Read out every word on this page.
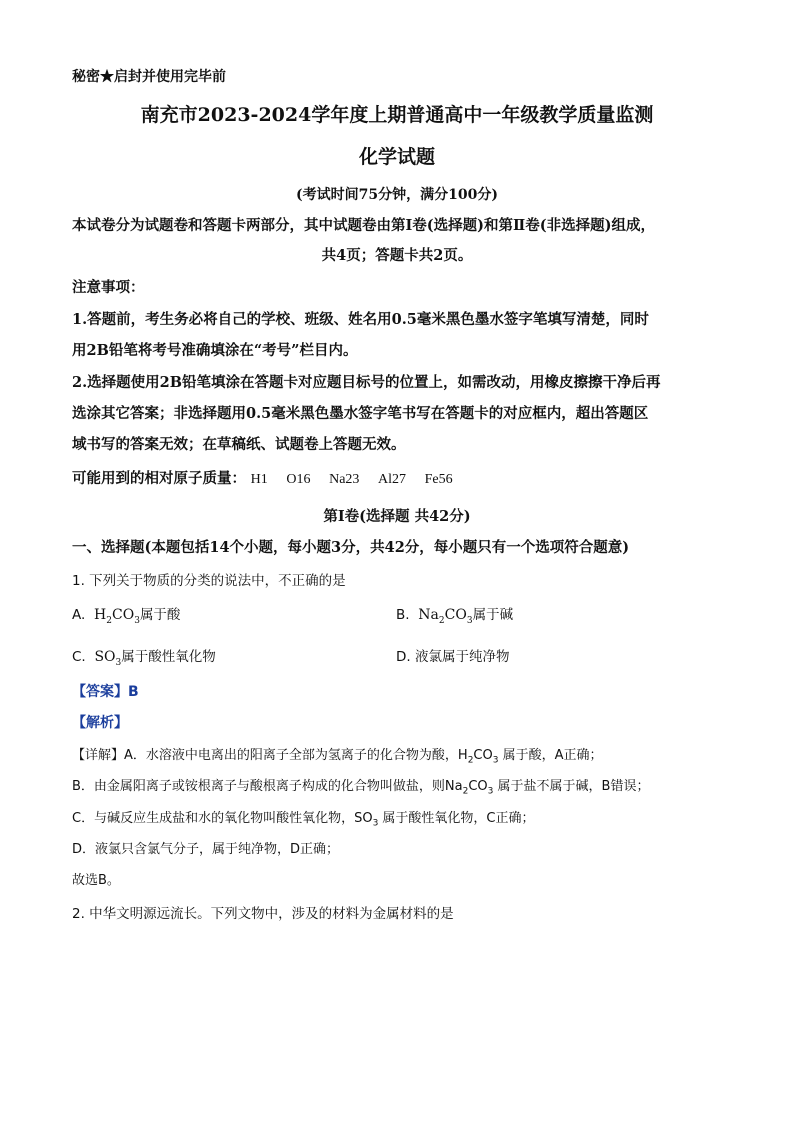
秘密★启封并使用完毕前
南充市2023-2024学年度上期普通高中一年级教学质量监测
化学试题
(考试时间75分钟，满分100分)
本试卷分为试题卷和答题卡两部分，其中试题卷由第Ⅰ卷(选择题)和第Ⅱ卷(非选择题)组成，
共4页；答题卡共2页。
注意事项：
1.答题前，考生务必将自己的学校、班级、姓名用0.5毫米黑色墨水签字笔填写清楚，同时
用2B铅笔将考号准确填涂在“考号”栏目内。
2.选择题使用2B铅笔填涂在答题卡对应题目标号的位置上，如需改动，用橡皮擦擦干净后再
选涂其它答案；非选择题用0.5毫米黑色墨水签字笔书写在答题卡的对应框内，超出答题区
域书写的答案无效；在草稿纸、试题卷上答题无效。
可能用到的相对原子质量： H1 O16 Na23 Al27 Fe56
第Ⅰ卷(选择题 共42分)
一、选择题(本题包括14个小题，每小题3分，共42分，每小题只有一个选项符合题意)
1. 下列关于物质的分类的说法中，不正确的是
A.  $H_2CO_3$属于酸	B.  $Na_2CO_3$属于碱
C.  $SO_3$属于酸性氧化物	D. 液氯属于纯净物
【答案】B
【解析】
【详解】A．水溶液中电离出的阳离子全部为氢离子的化合物为酸，$H_2CO_3$ 属于酸，A正确；
B．由金属阳离子或铵根离子与酸根离子构成的化合物叫做盐，则$Na_2CO_3$ 属于盐不属于碱，B错误；
C．与碱反应生成盐和水的氧化物叫酸性氧化物，$SO_3$ 属于酸性氧化物，C正确；
D．液氯只含氯气分子，属于纯净物，D正确；
故选B。
2. 中华文明源远流长。下列文物中，涉及的材料为金属材料的是
